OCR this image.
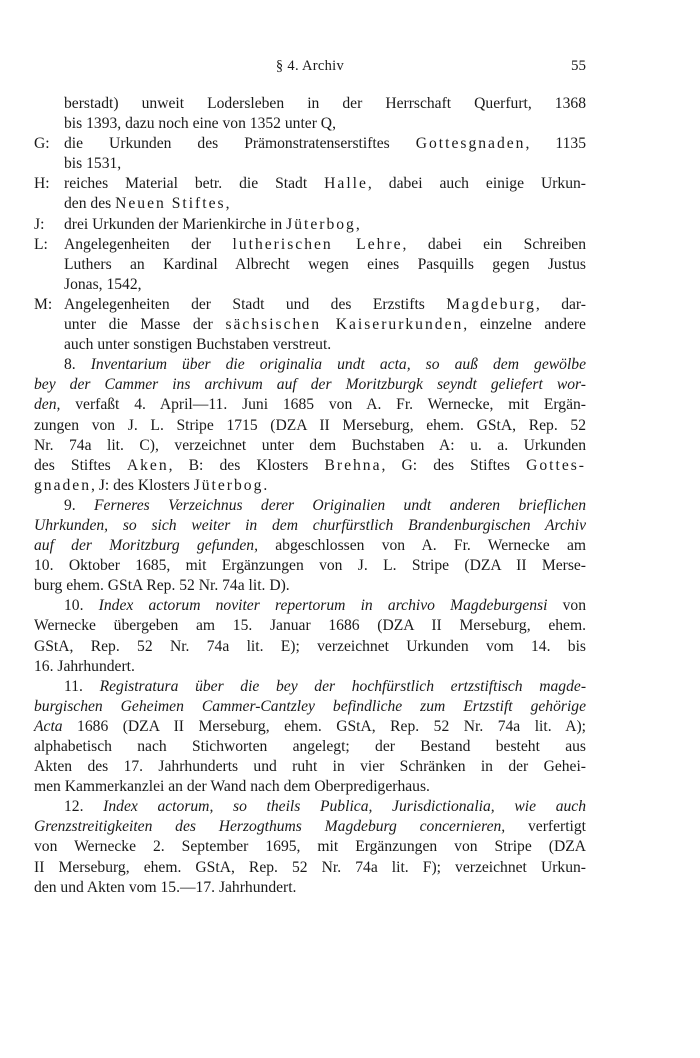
§ 4. Archiv	55
berstadt) unweit Lodersleben in der Herrschaft Querfurt, 1368
bis 1393, dazu noch eine von 1352 unter Q,
G: die Urkunden des Prämonstratenserstiftes Gottesgnaden, 1135
bis 1531,
H: reiches Material betr. die Stadt Halle, dabei auch einige Urkun-
den des Neuen Stiftes,
J:	drei Urkunden der Marienkirche in Jüterbog,
L:	Angelegenheiten der lutherischen Lehre, dabei ein Schreiben
Luthers an Kardinal Albrecht wegen eines Pasquills gegen Justus
Jonas, 1542,
M: Angelegenheiten der Stadt und des Erzstifts Magdeburg, dar-
unter die Masse der sächsischen Kaiserurkunden, einzelne andere
auch unter sonstigen Buchstaben verstreut.
8. Inventarium über die originalia undt acta, so auß dem gewölbe
bey der Cammer ins archivum auf der Moritzburgk seyndt geliefert wor-
den, verfaßt 4. April—11. Juni 1685 von A. Fr. Wernecke, mit Ergän-
zungen von J. L. Stripe 1715 (DZA II Merseburg, ehem. GStA, Rep. 52
Nr. 74a lit. C), verzeichnet unter dem Buchstaben A: u. a. Urkunden
des Stiftes Aken, B: des Klosters Brehna, G: des Stiftes Gottes-
gnaden, J: des Klosters Jüterbog.
9. Ferneres Verzeichnus derer Originalien undt anderen brieflichen
Uhrkunden, so sich weiter in dem churfürstlich Brandenburgischen Archiv
auf der Moritzburg gefunden, abgeschlossen von A. Fr. Wernecke am
10. Oktober 1685, mit Ergänzungen von J. L. Stripe (DZA II Merse-
burg ehem. GStA Rep. 52 Nr. 74a lit. D).
10. Index actorum noviter repertorum in archivo Magdeburgensi von
Wernecke übergeben am 15. Januar 1686 (DZA II Merseburg, ehem.
GStA, Rep. 52 Nr. 74a lit. E); verzeichnet Urkunden vom 14. bis
16. Jahrhundert.
11. Registratura über die bey der hochfürstlich ertzstiftisch magde-
burgischen Geheimen Cammer-Cantzley befindliche zum Ertzstift gehörige
Acta 1686 (DZA II Merseburg, ehem. GStA, Rep. 52 Nr. 74a lit. A);
alphabetisch nach Stichworten angelegt; der Bestand besteht aus
Akten des 17. Jahrhunderts und ruht in vier Schränken in der Gehei-
men Kammerkanzlei an der Wand nach dem Oberpredigerhaus.
12. Index actorum, so theils Publica, Jurisdictionalia, wie auch
Grenzstreitigkeiten des Herzogthums Magdeburg concernieren, verfertigt
von Wernecke 2. September 1695, mit Ergänzungen von Stripe (DZA
II Merseburg, ehem. GStA, Rep. 52 Nr. 74a lit. F); verzeichnet Urkun-
den und Akten vom 15.—17. Jahrhundert.
